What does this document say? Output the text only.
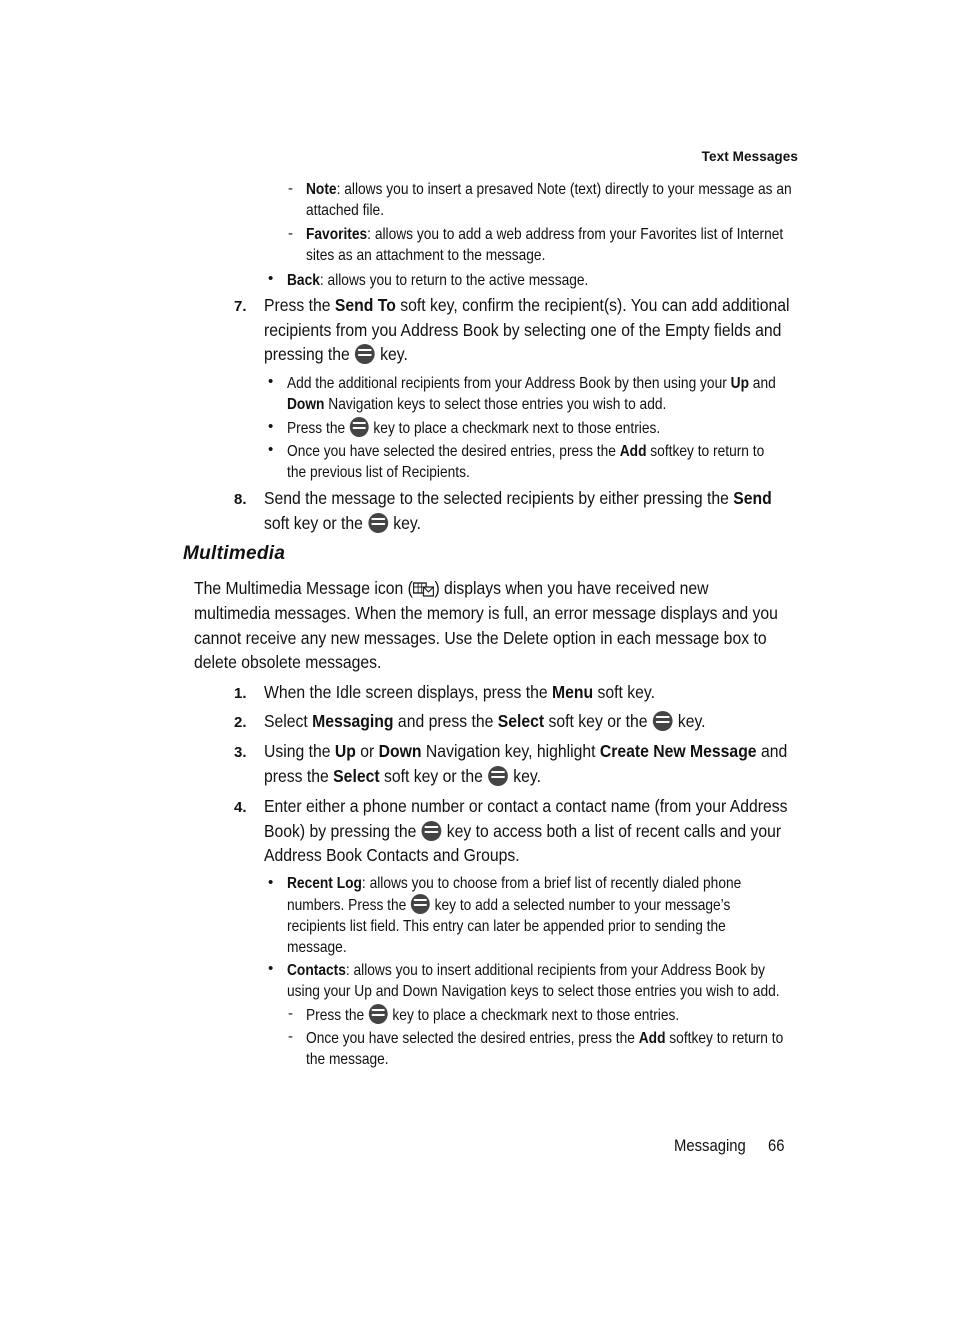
Text Messages
- Note: allows you to insert a presaved Note (text) directly to your message as an
attached file.
- Favorites: allows you to add a web address from your Favorites list of Internet
sites as an attachment to the message.
• Back: allows you to return to the active message.
7. Press the Send To soft key, confirm the recipient(s). You can add additional
recipients from you Address Book by selecting one of the Empty fields and
pressing the  key.
• Add the additional recipients from your Address Book by then using your Up and
Down Navigation keys to select those entries you wish to add.
• Press the  key to place a checkmark next to those entries.
• Once you have selected the desired entries, press the Add softkey to return to
the previous list of Recipients.
8. Send the message to the selected recipients by either pressing the Send
soft key or the  key.
Multimedia
The Multimedia Message icon ( ) displays when you have received new
multimedia messages. When the memory is full, an error message displays and you
cannot receive any new messages. Use the Delete option in each message box to
delete obsolete messages.
1. When the Idle screen displays, press the Menu soft key.
2. Select Messaging and press the Select soft key or the  key.
3. Using the Up or Down Navigation key, highlight Create New Message and
press the Select soft key or the  key.
4. Enter either a phone number or contact a contact name (from your Address
Book) by pressing the  key to access both a list of recent calls and your
Address Book Contacts and Groups.
• Recent Log: allows you to choose from a brief list of recently dialed phone
numbers. Press the  key to add a selected number to your message’s
recipients list field. This entry can later be appended prior to sending the
message.
• Contacts: allows you to insert additional recipients from your Address Book by
using your Up and Down Navigation keys to select those entries you wish to add.
- Press the  key to place a checkmark next to those entries.
- Once you have selected the desired entries, press the Add softkey to return to
the message.
Messaging 66
